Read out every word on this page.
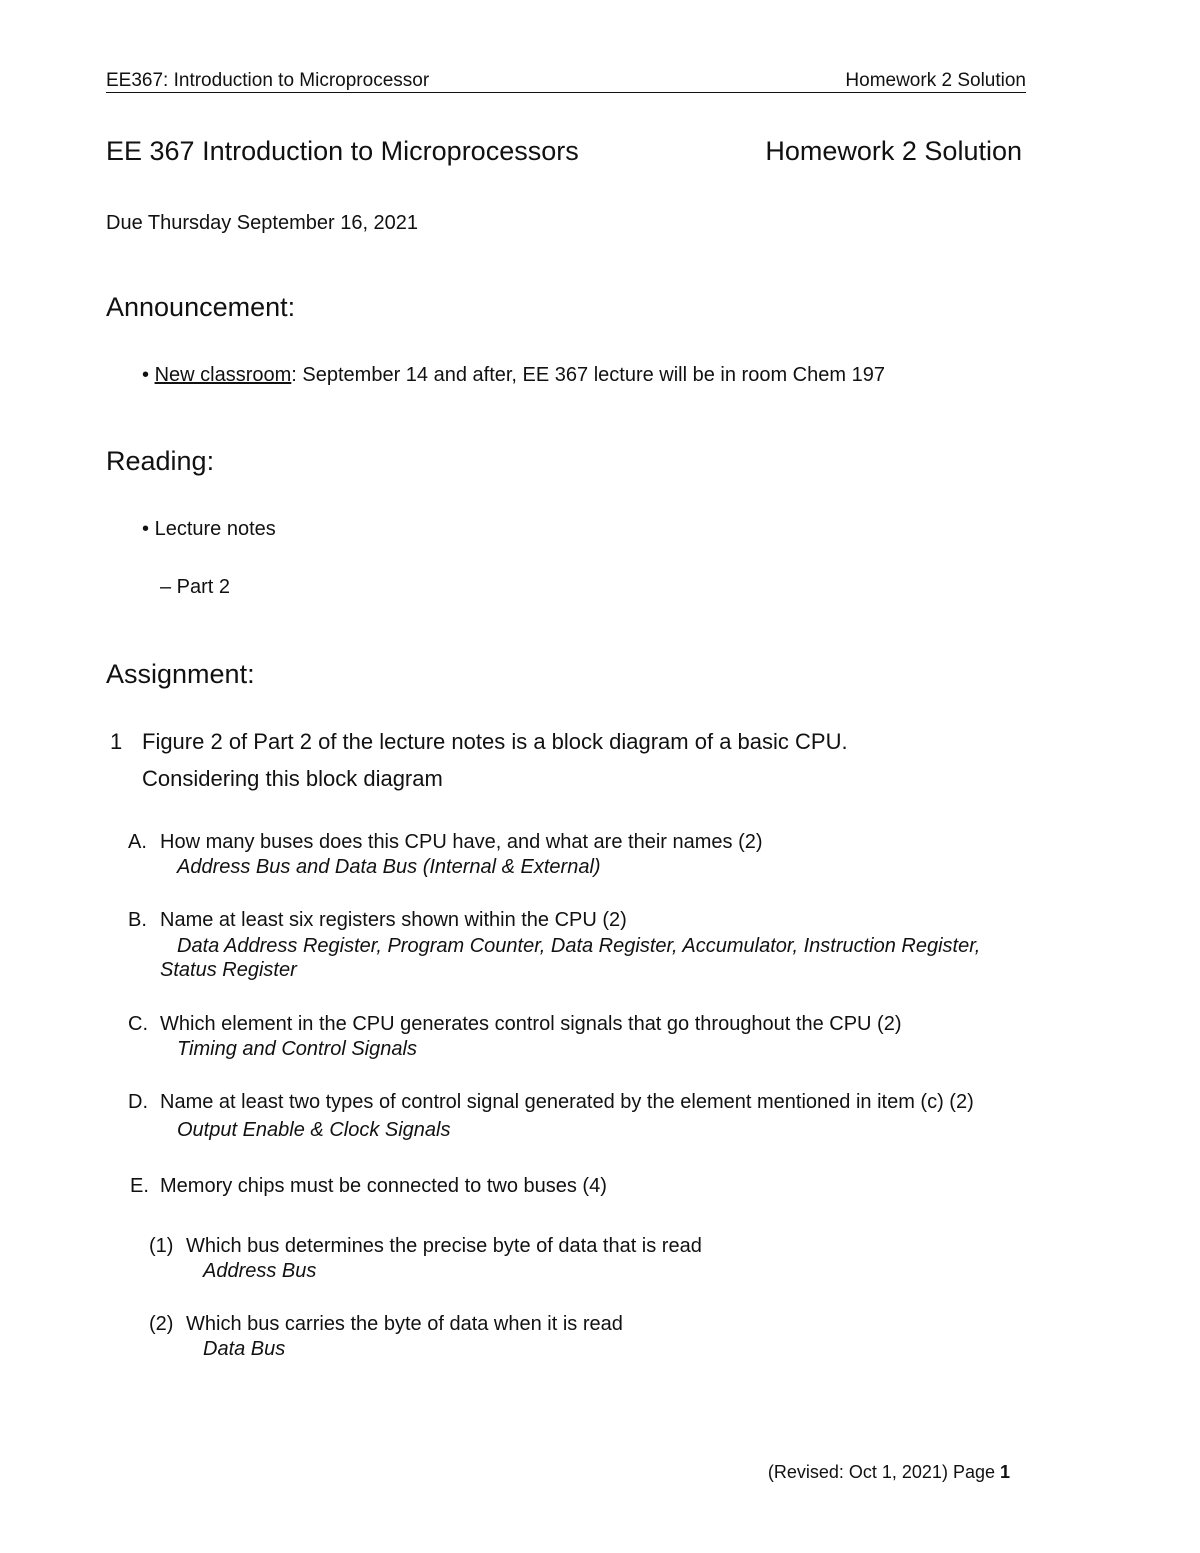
EE367: Introduction to Microprocessor	Homework 2 Solution
EE 367 Introduction to Microprocessors	Homework 2 Solution
Due Thursday September 16, 2021
Announcement:
• New classroom: September 14 and after, EE 367 lecture will be in room Chem 197
Reading:
• Lecture notes
– Part 2
Assignment:
1 Figure 2 of Part 2 of the lecture notes is a block diagram of a basic CPU.
Considering this block diagram
A. How many buses does this CPU have, and what are their names (2)
Address Bus and Data Bus (Internal & External)
B. Name at least six registers shown within the CPU (2)
Data Address Register, Program Counter, Data Register, Accumulator, Instruction Register,
Status Register
C. Which element in the CPU generates control signals that go throughout the CPU (2)
Timing and Control Signals
D. Name at least two types of control signal generated by the element mentioned in item (c) (2)
Output Enable & Clock Signals
E. Memory chips must be connected to two buses (4)
(1) Which bus determines the precise byte of data that is read
Address Bus
(2) Which bus carries the byte of data when it is read
Data Bus
(Revised: Oct 1, 2021) Page 1
